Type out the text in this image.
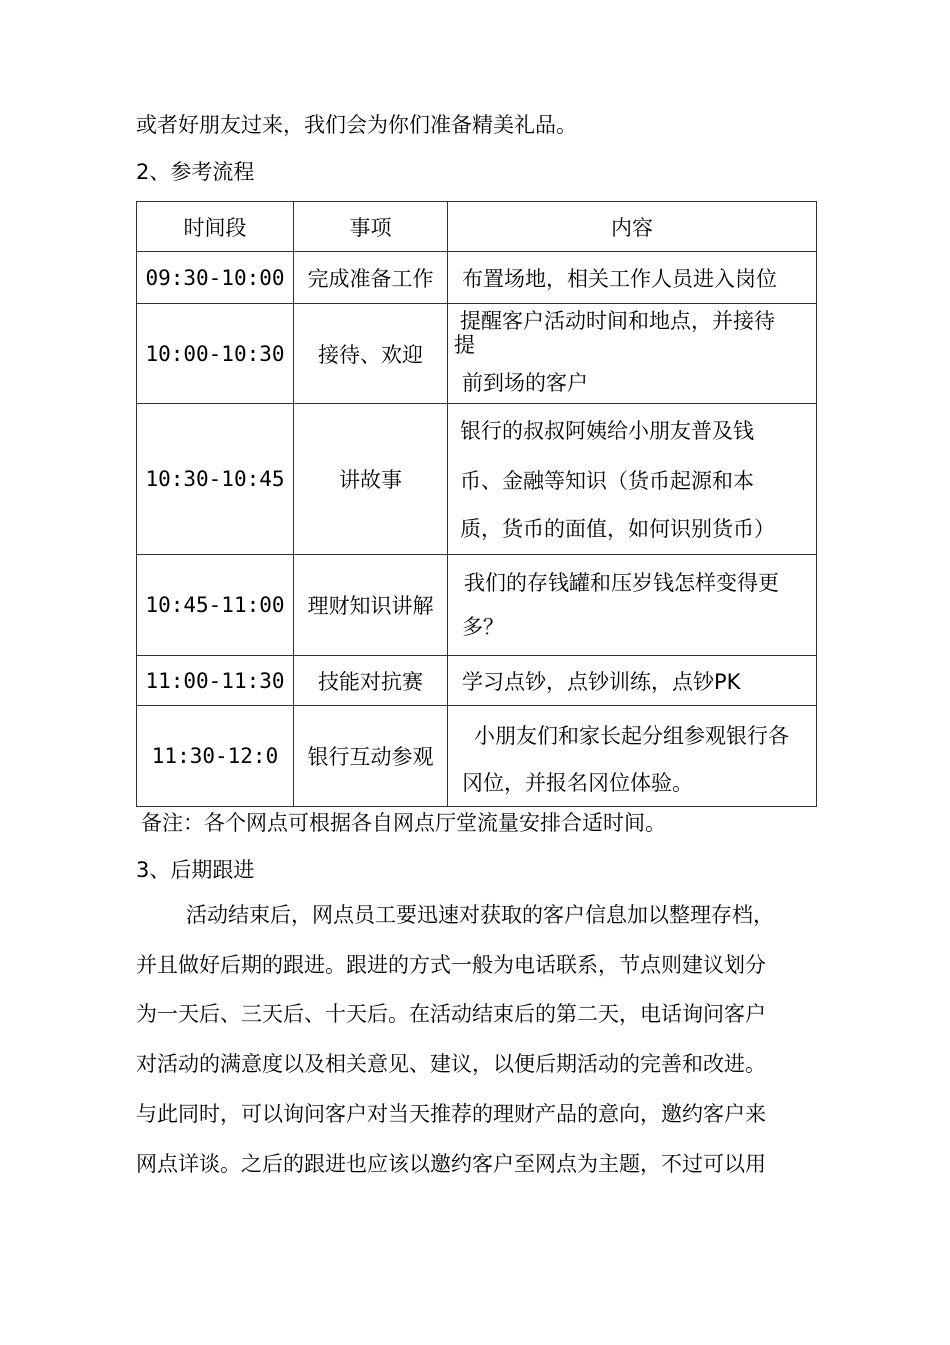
或者好朋友过来，我们会为你们准备精美礼品。
2、参考流程
时间段	事项	内容
09:30-10:00	完成准备工作	布置场地，相关工作人员进入岗位

10:00-10:30	接待、欢迎	提醒客户活动时间和地点，并接待
提
前到场的客户

10:30-10:45	讲故事	银行的叔叔阿姨给小朋友普及钱
币、金融等知识（货币起源和本
质，货币的面值，如何识别货币）

10:45-11:00	理财知识讲解	我们的存钱罐和压岁钱怎样变得更
多？

11:00-11:30	技能对抗赛	学习点钞，点钞训练，点钞PK

11:30-12:0	银行互动参观	小朋友们和家长起分组参观银行各
冈位，并报名冈位体验。
备注：各个网点可根据各自网点厅堂流量安排合适时间。
3、后期跟进
活动结束后，网点员工要迅速对获取的客户信息加以整理存档，
并且做好后期的跟进。跟进的方式一般为电话联系，节点则建议划分
为一天后、三天后、十天后。在活动结束后的第二天，电话询问客户
对活动的满意度以及相关意见、建议，以便后期活动的完善和改进。
与此同时，可以询问客户对当天推荐的理财产品的意向，邀约客户来
网点详谈。之后的跟进也应该以邀约客户至网点为主题，不过可以用
